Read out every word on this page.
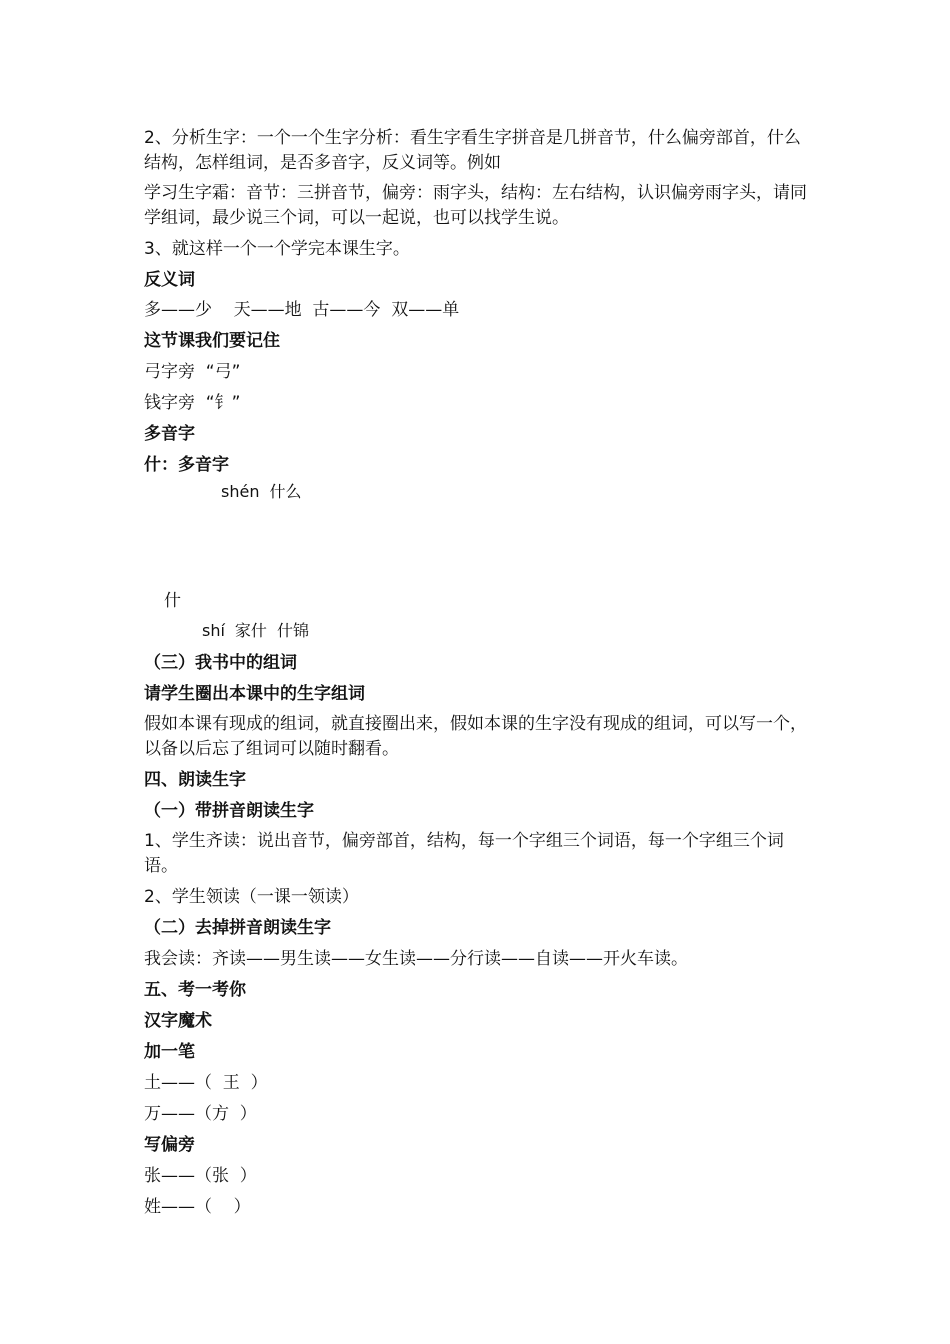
2、分析生字：一个一个生字分析：看生字看生字拼音是几拼音节，什么偏旁部首，什么结构，怎样组词，是否多音字，反义词等。例如
学习生字霜：音节：三拼音节，偏旁：雨字头，结构：左右结构，认识偏旁雨字头，请同学组词，最少说三个词，可以一起说，也可以找学生说。
3、就这样一个一个学完本课生字。
反义词
多——少    天——地  古——今  双——单
这节课我们要记住
弓字旁  “弓”
钱字旁  “钅”
多音字
什：多音字
shén 什么
什
shí 家什 什锦
（三）我书中的组词
请学生圈出本课中的生字组词
假如本课有现成的组词，就直接圈出来，假如本课的生字没有现成的组词，可以写一个，以备以后忘了组词可以随时翻看。
四、朗读生字
（一）带拼音朗读生字
1、学生齐读：说出音节，偏旁部首，结构，每一个字组三个词语，每一个字组三个词语。
2、学生领读（一课一领读）
（二）去掉拼音朗读生字
我会读：齐读——男生读——女生读——分行读——自读——开火车读。
五、考一考你
汉字魔术
加一笔
土——（  王  ）
万——（方  ）
写偏旁
张——（张  ）
姓——（    ）
